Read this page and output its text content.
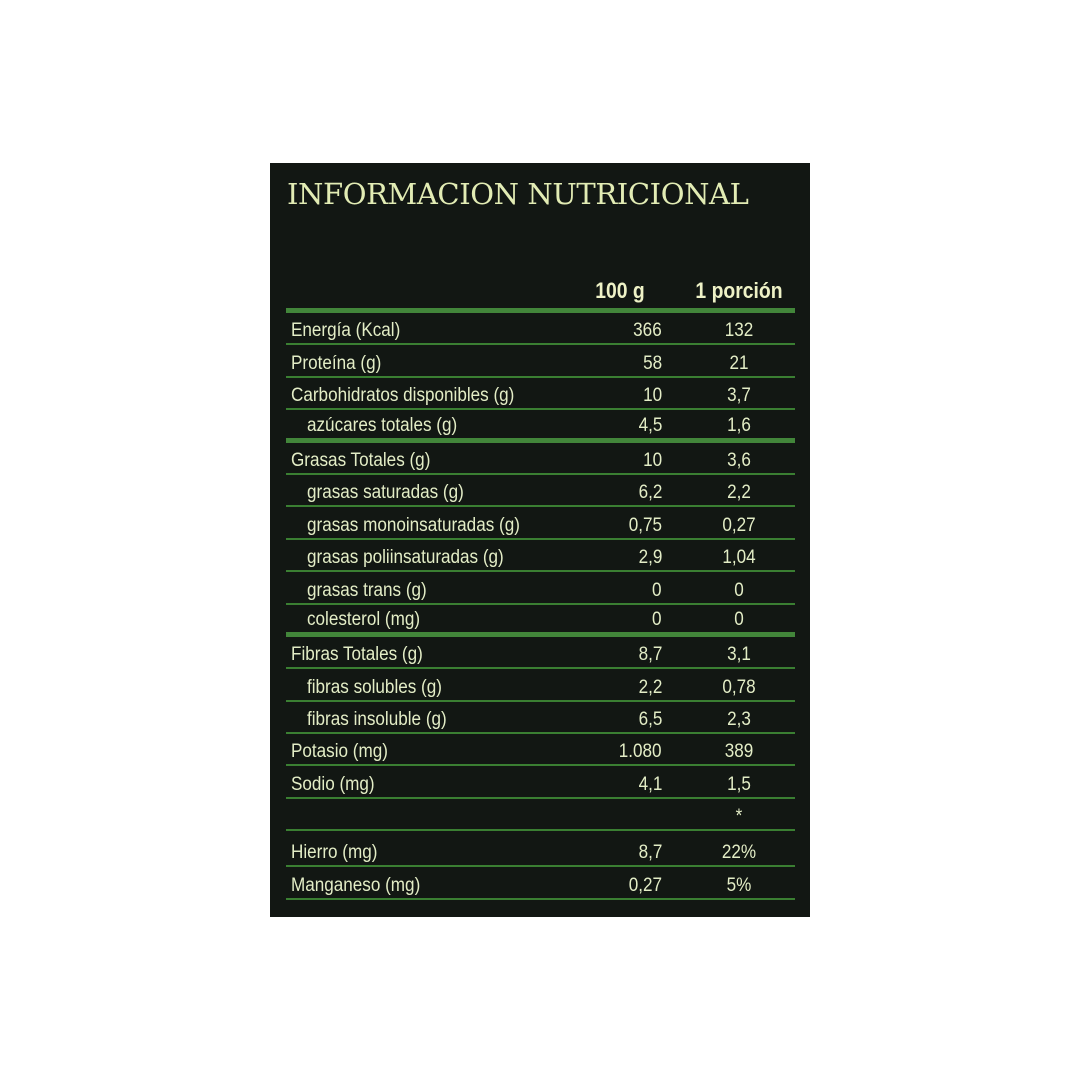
INFORMACION NUTRICIONAL
100 g	1 porción
Energía (Kcal)	366	132
Proteína (g)	58	21
Carbohidratos disponibles (g)	10	3,7
azúcares totales (g)	4,5	1,6
Grasas Totales (g)	10	3,6
grasas saturadas (g)	6,2	2,2
grasas monoinsaturadas (g)	0,75	0,27
grasas poliinsaturadas (g)	2,9	1,04
grasas trans (g)	0	0
colesterol (mg)	0	0
Fibras Totales (g)	8,7	3,1
fibras solubles (g)	2,2	0,78
fibras insoluble (g)	6,5	2,3
Potasio (mg)	1.080	389
Sodio (mg)	4,1	1,5
*
Hierro (mg)	8,7	22%
Manganeso (mg)	0,27	5%
